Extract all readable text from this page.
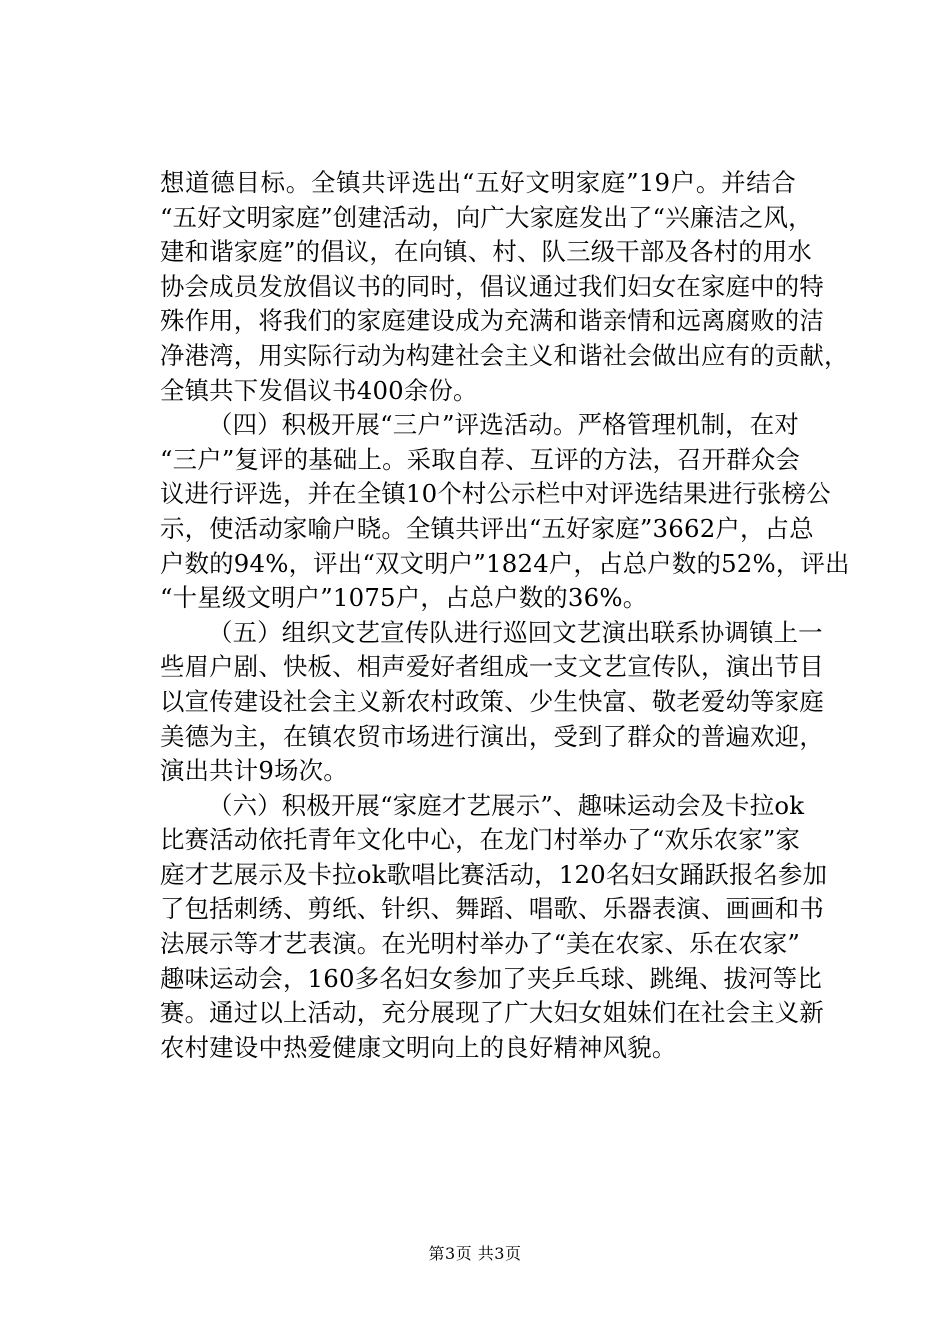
想道德目标。全镇共评选出“五好文明家庭”19户。并结合
“五好文明家庭”创建活动，向广大家庭发出了“兴廉洁之风，
建和谐家庭”的倡议，在向镇、村、队三级干部及各村的用水
协会成员发放倡议书的同时，倡议通过我们妇女在家庭中的特
殊作用，将我们的家庭建设成为充满和谐亲情和远离腐败的洁
净港湾，用实际行动为构建社会主义和谐社会做出应有的贡献，
全镇共下发倡议书400余份。
（四）积极开展“三户”评选活动。严格管理机制，在对
“三户”复评的基础上。采取自荐、互评的方法，召开群众会
议进行评选，并在全镇10个村公示栏中对评选结果进行张榜公
示，使活动家喻户晓。全镇共评出“五好家庭”3662户，占总
户数的94%，评出“双文明户”1824户，占总户数的52%，评出
“十星级文明户”1075户，占总户数的36%。
（五）组织文艺宣传队进行巡回文艺演出联系协调镇上一
些眉户剧、快板、相声爱好者组成一支文艺宣传队，演出节目
以宣传建设社会主义新农村政策、少生快富、敬老爱幼等家庭
美德为主，在镇农贸市场进行演出，受到了群众的普遍欢迎，
演出共计9场次。
（六）积极开展“家庭才艺展示”、趣味运动会及卡拉ok
比赛活动依托青年文化中心，在龙门村举办了“欢乐农家”家
庭才艺展示及卡拉ok歌唱比赛活动，120名妇女踊跃报名参加
了包括刺绣、剪纸、针织、舞蹈、唱歌、乐器表演、画画和书
法展示等才艺表演。在光明村举办了“美在农家、乐在农家”
趣味运动会，160多名妇女参加了夹乒乓球、跳绳、拔河等比
赛。通过以上活动，充分展现了广大妇女姐妹们在社会主义新
农村建设中热爱健康文明向上的良好精神风貌。
第3页 共3页
